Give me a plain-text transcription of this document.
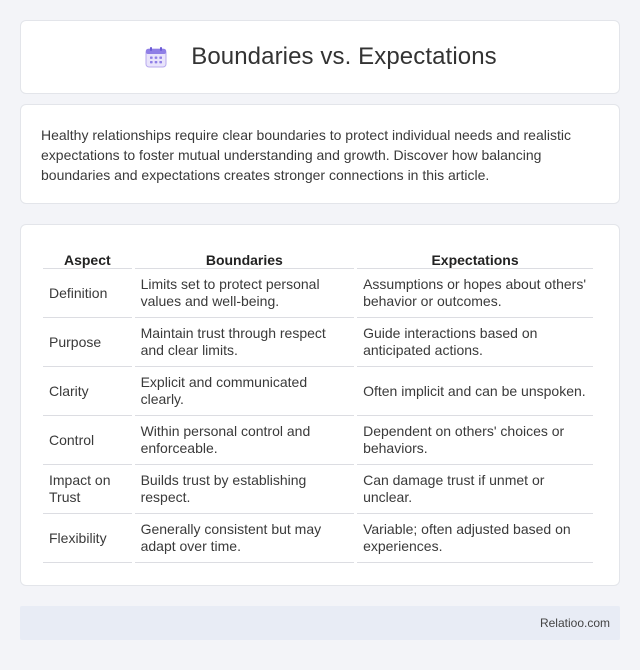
Boundaries vs. Expectations

Healthy relationships require clear boundaries to protect individual needs and realistic expectations to foster mutual understanding and growth. Discover how balancing boundaries and expectations creates stronger connections in this article.

Aspect	Boundaries	Expectations
Definition	Limits set to protect personal values and well-being.	Assumptions or hopes about others' behavior or outcomes.
Purpose	Maintain trust through respect and clear limits.	Guide interactions based on anticipated actions.
Clarity	Explicit and communicated clearly.	Often implicit and can be unspoken.
Control	Within personal control and enforceable.	Dependent on others' choices or behaviors.
Impact on Trust	Builds trust by establishing respect.	Can damage trust if unmet or unclear.
Flexibility	Generally consistent but may adapt over time.	Variable; often adjusted based on experiences.
Relatioo.com
